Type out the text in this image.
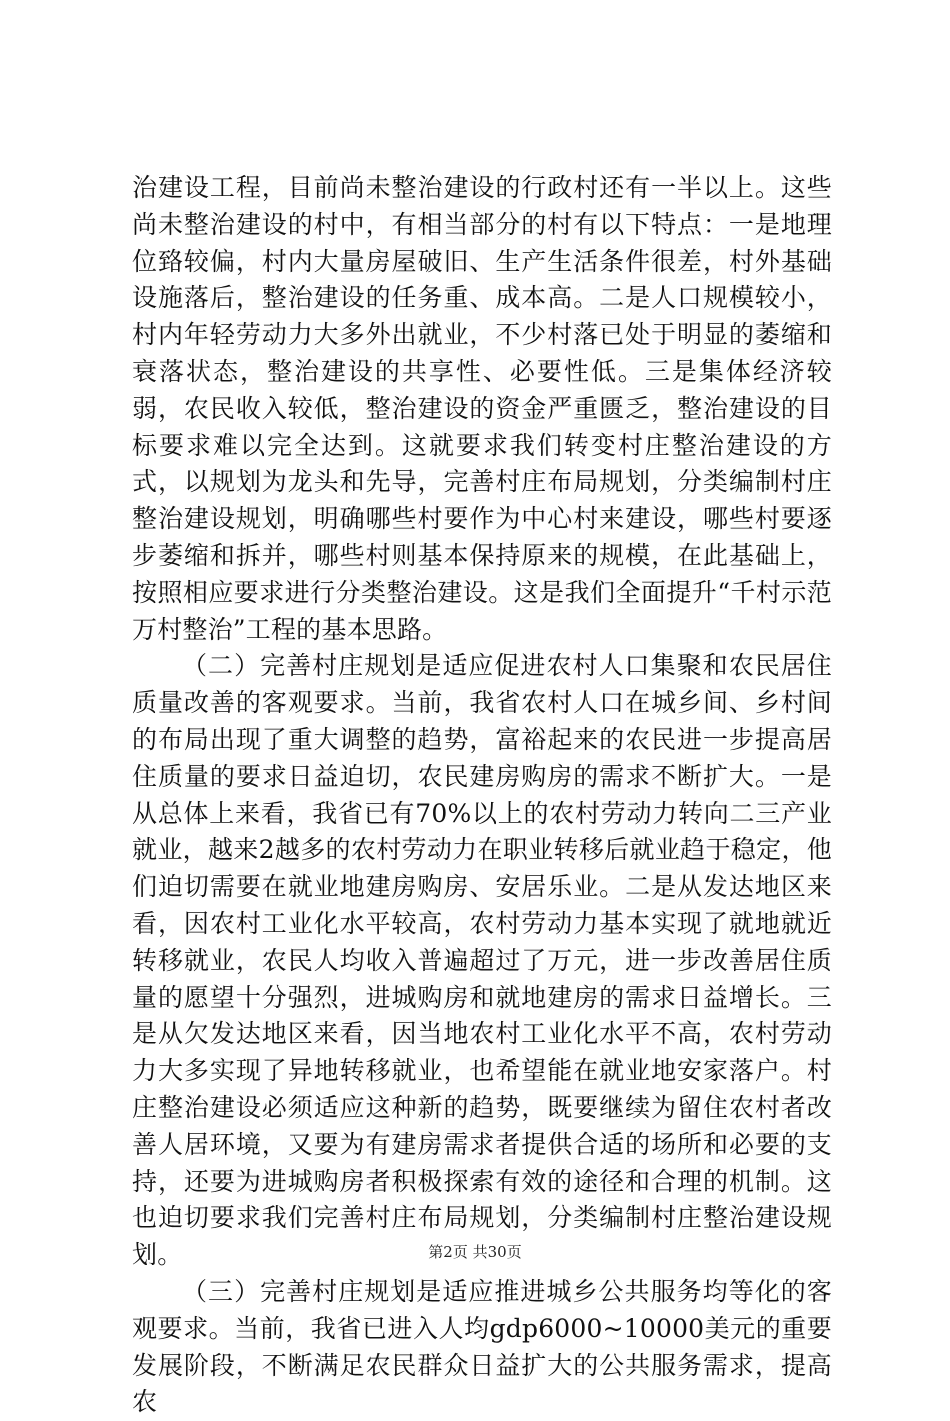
治建设工程，目前尚未整治建设的行政村还有一半以上。这些尚未整治建设的村中，有相当部分的村有以下特点：一是地理位臵较偏，村内大量房屋破旧、生产生活条件很差，村外基础设施落后，整治建设的任务重、成本高。二是人口规模较小，村内年轻劳动力大多外出就业，不少村落已处于明显的萎缩和衰落状态，整治建设的共享性、必要性低。三是集体经济较弱，农民收入较低，整治建设的资金严重匮乏，整治建设的目标要求难以完全达到。这就要求我们转变村庄整治建设的方式，以规划为龙头和先导，完善村庄布局规划，分类编制村庄整治建设规划，明确哪些村要作为中心村来建设，哪些村要逐步萎缩和拆并，哪些村则基本保持原来的规模，在此基础上，按照相应要求进行分类整治建设。这是我们全面提升“千村示范万村整治”工程的基本思路。

（二）完善村庄规划是适应促进农村人口集聚和农民居住质量改善的客观要求。当前，我省农村人口在城乡间、乡村间的布局出现了重大调整的趋势，富裕起来的农民进一步提高居住质量的要求日益迫切，农民建房购房的需求不断扩大。一是从总体上来看，我省已有70%以上的农村劳动力转向二三产业就业，越来2越多的农村劳动力在职业转移后就业趋于稳定，他们迫切需要在就业地建房购房、安居乐业。二是从发达地区来看，因农村工业化水平较高，农村劳动力基本实现了就地就近转移就业，农民人均收入普遍超过了万元，进一步改善居住质量的愿望十分强烈，进城购房和就地建房的需求日益增长。三是从欠发达地区来看，因当地农村工业化水平不高，农村劳动力大多实现了异地转移就业，也希望能在就业地安家落户。村庄整治建设必须适应这种新的趋势，既要继续为留住农村者改善人居环境，又要为有建房需求者提供合适的场所和必要的支持，还要为进城购房者积极探索有效的途径和合理的机制。这也迫切要求我们完善村庄布局规划，分类编制村庄整治建设规划。

（三）完善村庄规划是适应推进城乡公共服务均等化的客观要求。当前，我省已进入人均gdp6000~10000美元的重要发展阶段，不断满足农民群众日益扩大的公共服务需求，提高农

第2页 共30页
